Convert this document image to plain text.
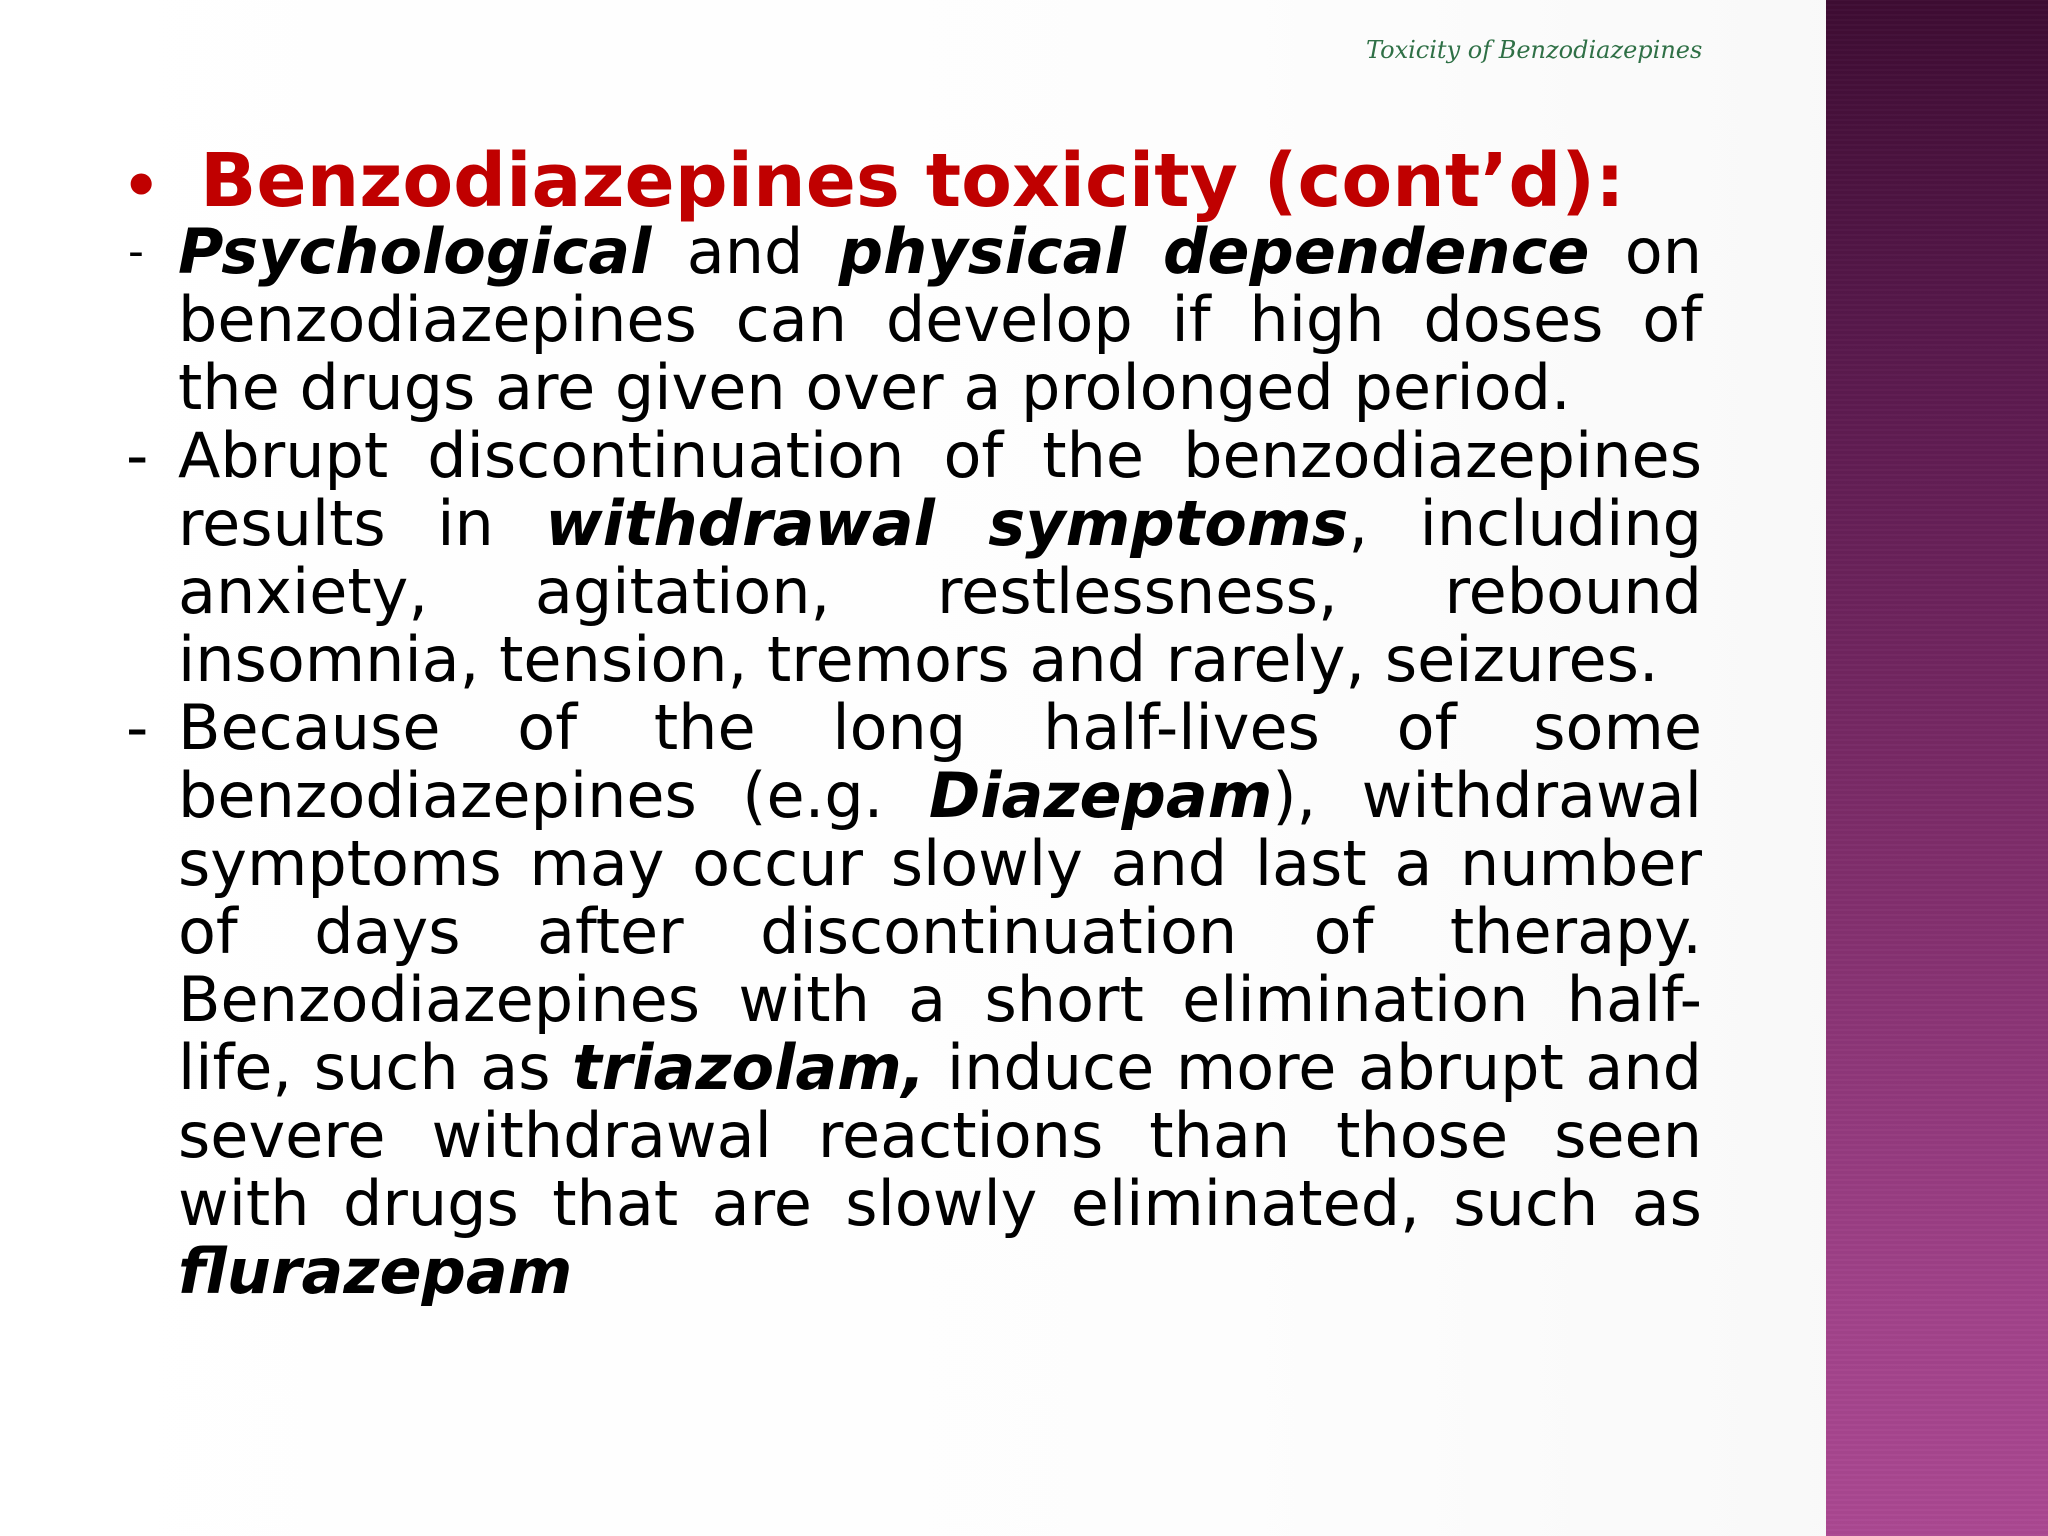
Toxicity of Benzodiazepines
• Benzodiazepines toxicity (cont’d):

- Psychological and physical dependence on benzodiazepines can develop if high doses of the drugs are given over a prolonged period.

- Abrupt discontinuation of the benzodiazepines results in withdrawal symptoms, including anxiety, agitation, restlessness, rebound insomnia, tension, tremors and rarely, seizures.

- Because of the long half-lives of some benzodiazepines (e.g. Diazepam), withdrawal symptoms may occur slowly and last a number of days after discontinuation of therapy. Benzodiazepines with a short elimination half-life, such as triazolam, induce more abrupt and severe withdrawal reactions than those seen with drugs that are slowly eliminated, such as flurazepam
